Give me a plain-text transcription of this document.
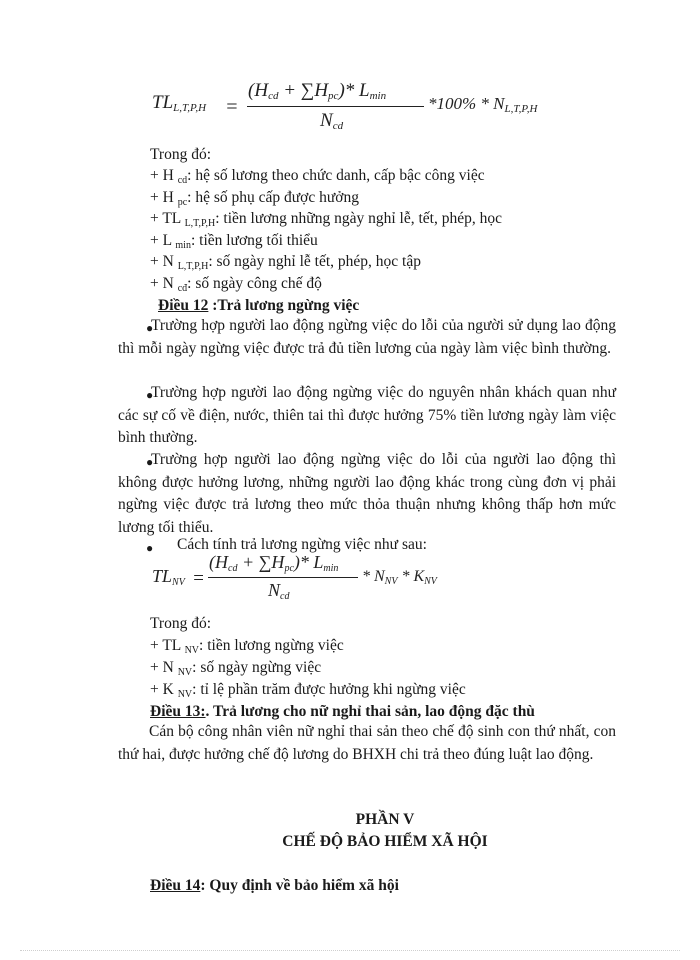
$TL_{L,T,P,H}$ =
$(H_{cd} + \sum H_{pc})*$ $L_{min}$
$N_{cd}$
$*100\% * N_{L,T,P,H}$
Trong đó:
+ H $_{cd}$: hệ số lương theo chức danh, cấp bậc công việc
+ H $_{pc}$: hệ số phụ cấp được hưởng
+ TL $_{L,T,P,H}$: tiền lương những ngày nghỉ lễ, tết, phép, học
+ L $_{min}$: tiền lương tối thiểu
+ N $_{L,T,P,H}$: số ngày nghỉ lễ tết, phép, học tập
+ N $_{cđ}$: số ngày công chế độ
Điều 12 :Trả lương ngừng việc
●
Trường hợp người lao động ngừng việc do lỗi của người sử dụng lao động thì mỗi ngày ngừng việc được trả đủ tiền lương của ngày làm việc bình thường.
●
Trường hợp người lao động ngừng việc do nguyên nhân khách quan như các sự cố về điện, nước, thiên tai thì được hưởng 75% tiền lương ngày làm việc bình thường.
●
Trường hợp người lao động ngừng việc do lỗi của người lao động thì không được hưởng lương, những người lao động khác trong cùng đơn vị phải ngừng việc được trả lương theo mức thỏa thuận nhưng không thấp hơn mức lương tối thiểu.
● Cách tính trả lương ngừng việc như sau:
$TL_{NV}$ =
$(H_{cd} + \sum H_{pc})*$ $L_{min}$
$N_{cd}$
* $N_{NV} * K_{NV}$
Trong đó:
+ TL $_{NV}$: tiền lương ngừng việc
+ N $_{NV}$: số ngày ngừng việc
+ K $_{NV}$: tỉ lệ phần trăm được hưởng khi ngừng việc
Điều 13:. Trả lương cho nữ nghỉ thai sản, lao động đặc thù
Cán bộ công nhân viên nữ nghỉ thai sản theo chế độ sinh con thứ nhất, con thứ hai, được hưởng chế độ lương do BHXH chi trả theo đúng luật lao động.
PHẦN V
CHẾ ĐỘ BẢO HIỂM XÃ HỘI
Điều 14: Quy định về bảo hiểm xã hội
